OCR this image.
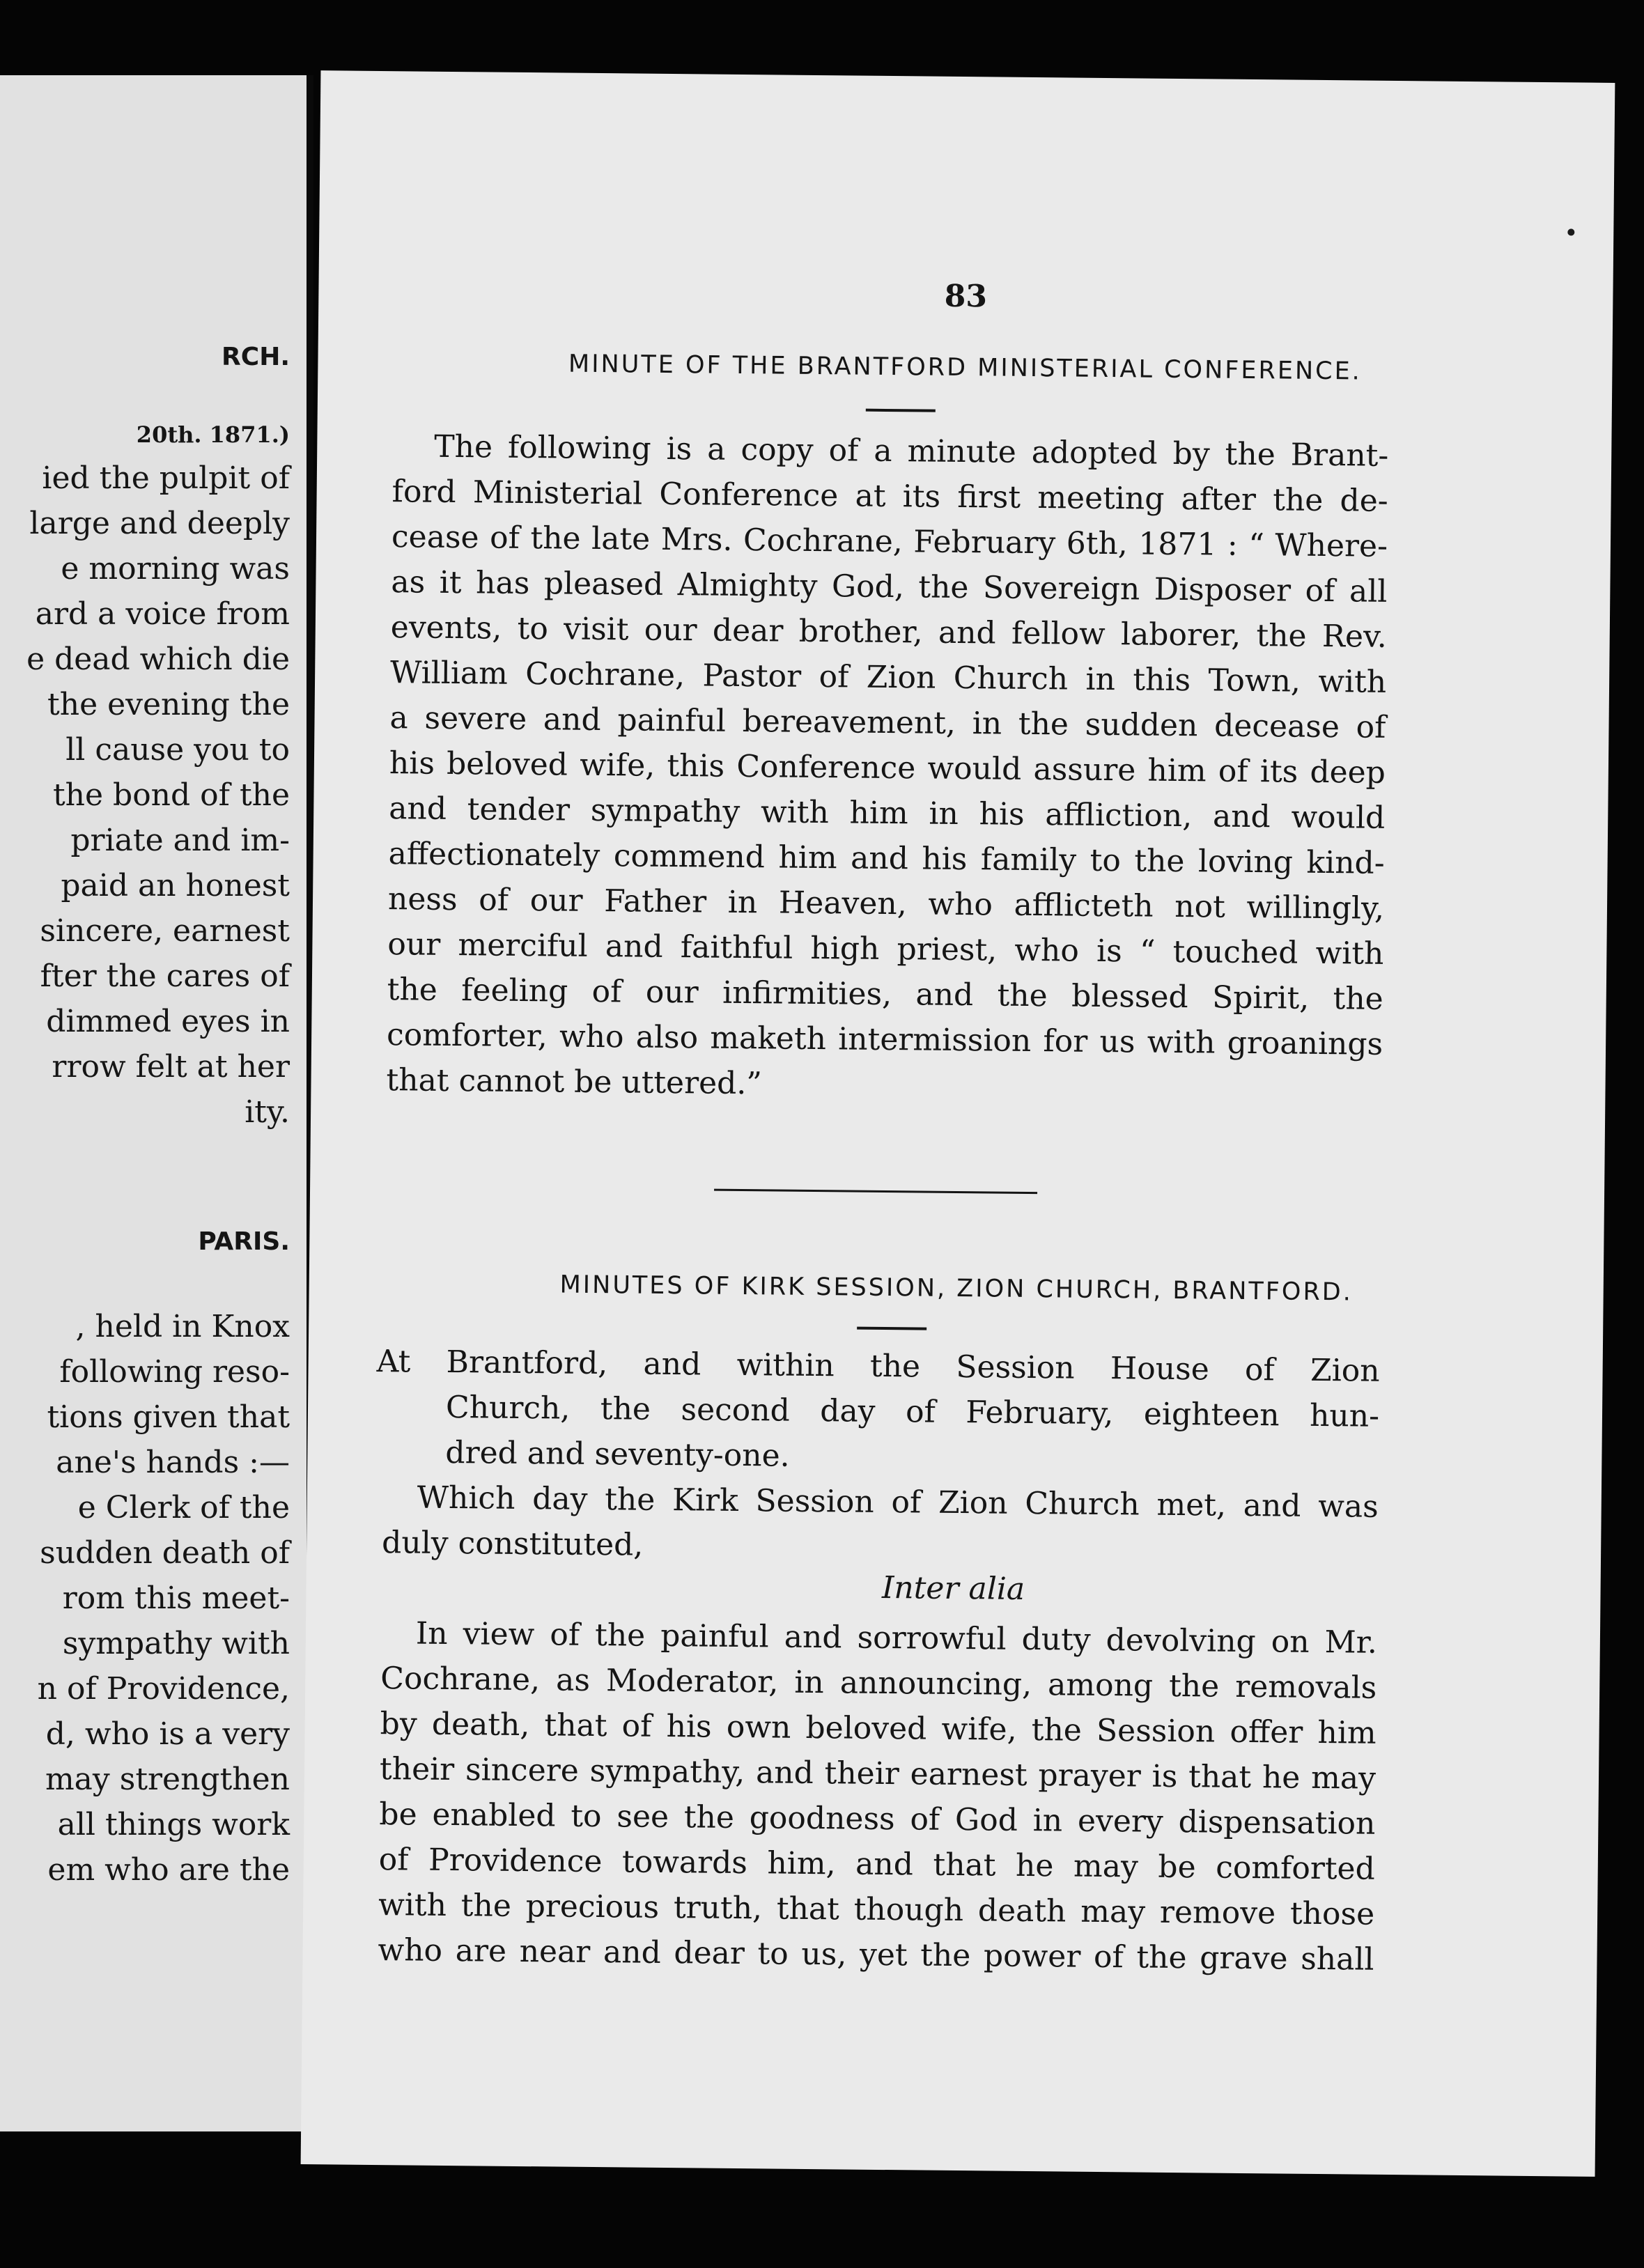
RCH.
20th. 1871.)
ied the pulpit of
large and deeply
e morning was
ard a voice from
e dead which die
the evening the
ll cause you to
the bond of the
priate and im-
paid an honest
sincere, earnest
fter the cares of
dimmed eyes in
rrow felt at her
ity.
PARIS.
, held in Knox
following reso-
tions given that
ane's hands :—
e Clerk of the
sudden death of
rom this meet-
sympathy with
n of Providence,
d, who is a very
may strengthen
all things work
em who are the
83
MINUTE OF THE BRANTFORD MINISTERIAL CONFERENCE.
The following is a copy of a minute adopted by the Brant-
ford Ministerial Conference at its first meeting after the de-
cease of the late Mrs. Cochrane, February 6th, 1871 : “ Where-
as it has pleased Almighty God, the Sovereign Disposer of all
events, to visit our dear brother, and fellow laborer, the Rev.
William Cochrane, Pastor of Zion Church in this Town, with
a severe and painful bereavement, in the sudden decease of
his beloved wife, this Conference would assure him of its deep
and tender sympathy with him in his affliction, and would
affectionately commend him and his family to the loving kind-
ness of our Father in Heaven, who afflicteth not willingly,
our merciful and faithful high priest, who is “ touched with
the feeling of our infirmities, and the blessed Spirit, the
comforter, who also maketh intermission for us with groanings
that cannot be uttered.”
MINUTES OF KIRK SESSION, ZION CHURCH, BRANTFORD.
At Brantford, and within the Session House of Zion
Church, the second day of February, eighteen hun-
dred and seventy-one.
Which day the Kirk Session of Zion Church met, and was
duly constituted,
Inter alia
In view of the painful and sorrowful duty devolving on Mr.
Cochrane, as Moderator, in announcing, among the removals
by death, that of his own beloved wife, the Session offer him
their sincere sympathy, and their earnest prayer is that he may
be enabled to see the goodness of God in every dispensation
of Providence towards him, and that he may be comforted
with the precious truth, that though death may remove those
who are near and dear to us, yet the power of the grave shall
